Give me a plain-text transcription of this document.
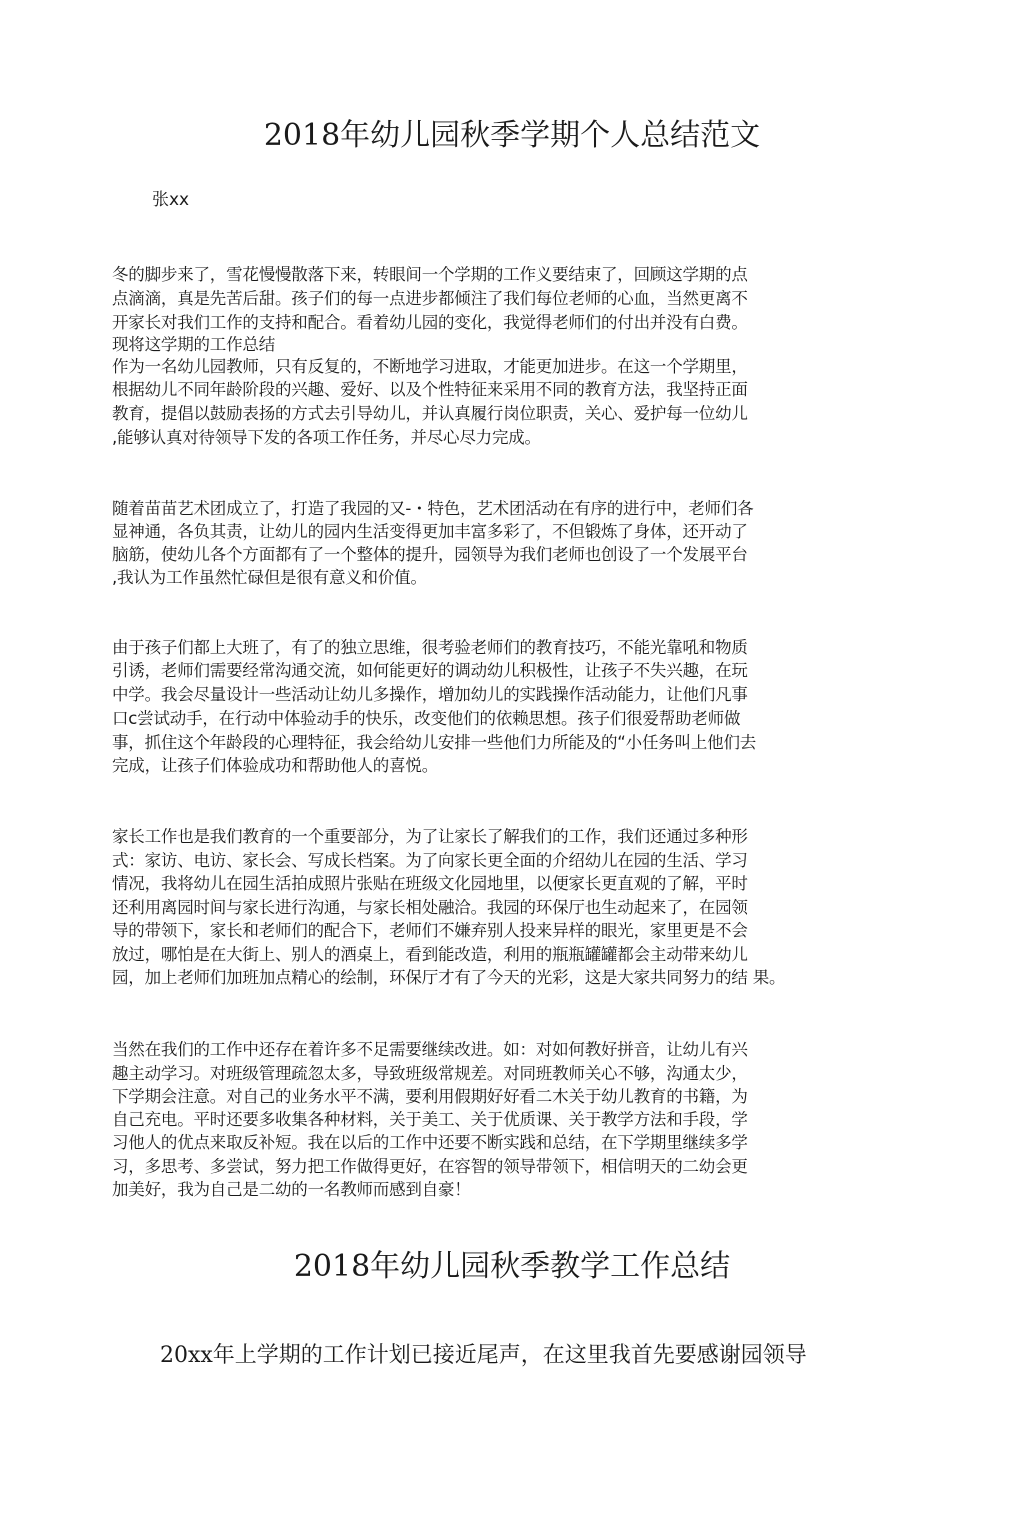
2018年幼儿园秋季学期个人总结范文
张xx
冬的脚步来了，雪花慢慢散落下来，转眼间一个学期的工作义要结束了，回顾这学期的点
点滴滴，真是先苦后甜。孩子们的每一点进步都倾注了我们每位老师的心血，当然更离不
开家长对我们工作的支持和配合。看着幼儿园的变化，我觉得老师们的付出并没有白费。
现将这学期的工作总结
作为一名幼儿园教师，只有反复的，不断地学习进取，才能更加进步。在这一个学期里，
根据幼儿不同年龄阶段的兴趣、爱好、以及个性特征来采用不同的教育方法，我坚持正面
教育，提倡以鼓励表扬的方式去引导幼儿，并认真履行岗位职责，关心、爱护每一位幼儿
,能够认真对待领导下发的各项工作任务，并尽心尽力完成。
随着苗苗艺术团成立了，打造了我园的又-・特色，艺术团活动在有序的进行中，老师们各
显神通，各负其责，让幼儿的园内生活变得更加丰富多彩了，不但锻炼了身体，还开动了
脑筋，使幼儿各个方面都有了一个整体的提升，园领导为我们老师也创设了一个发展平台
,我认为工作虽然忙碌但是很有意义和价值。
由于孩子们都上大班了，有了的独立思维，很考验老师们的教育技巧，不能光靠吼和物质
引诱，老师们需要经常沟通交流，如何能更好的调动幼儿积极性，让孩子不失兴趣，在玩
中学。我会尽量设计一些活动让幼儿多操作，增加幼儿的实践操作活动能力，让他们凡事
口c尝试动手，在行动中体验动手的快乐，改变他们的依赖思想。孩子们很爱帮助老师做
事，抓住这个年龄段的心理特征，我会给幼儿安排一些他们力所能及的“小任务叫上他们去
完成，让孩子们体验成功和帮助他人的喜悦。
家长工作也是我们教育的一个重要部分，为了让家长了解我们的工作，我们还通过多种形
式：家访、电访、家长会、写成长档案。为了向家长更全面的介绍幼儿在园的生活、学习
情况，我将幼儿在园生活拍成照片张贴在班级文化园地里，以便家长更直观的了解，平时
还利用离园时间与家长进行沟通，与家长相处融洽。我园的环保厅也生动起来了，在园领
导的带领下，家长和老师们的配合下，老师们不嫌弃别人投来异样的眼光，家里更是不会
放过，哪怕是在大街上、别人的酒桌上，看到能改造，利用的瓶瓶罐罐都会主动带来幼儿
园，加上老师们加班加点精心的绘制，环保厅才有了今天的光彩，这是大家共同努力的结 果。
当然在我们的工作中还存在着许多不足需要继续改进。如：对如何教好拼音，让幼儿有兴
趣主动学习。对班级管理疏忽太多，导致班级常规差。对同班教师关心不够，沟通太少，
下学期会注意。对自己的业务水平不满，要利用假期好好看二木关于幼儿教育的书籍，为
自己充电。平时还要多收集各种材料，关于美工、关于优质课、关于教学方法和手段，学
习他人的优点来取反补短。我在以后的工作中还要不断实践和总结，在下学期里继续多学
习，多思考、多尝试，努力把工作做得更好，在容智的领导带领下，相信明天的二幼会更
加美好，我为自己是二幼的一名教师而感到自豪！
2018年幼儿园秋季教学工作总结
20xx年上学期的工作计划已接近尾声，在这里我首先要感谢园领导
